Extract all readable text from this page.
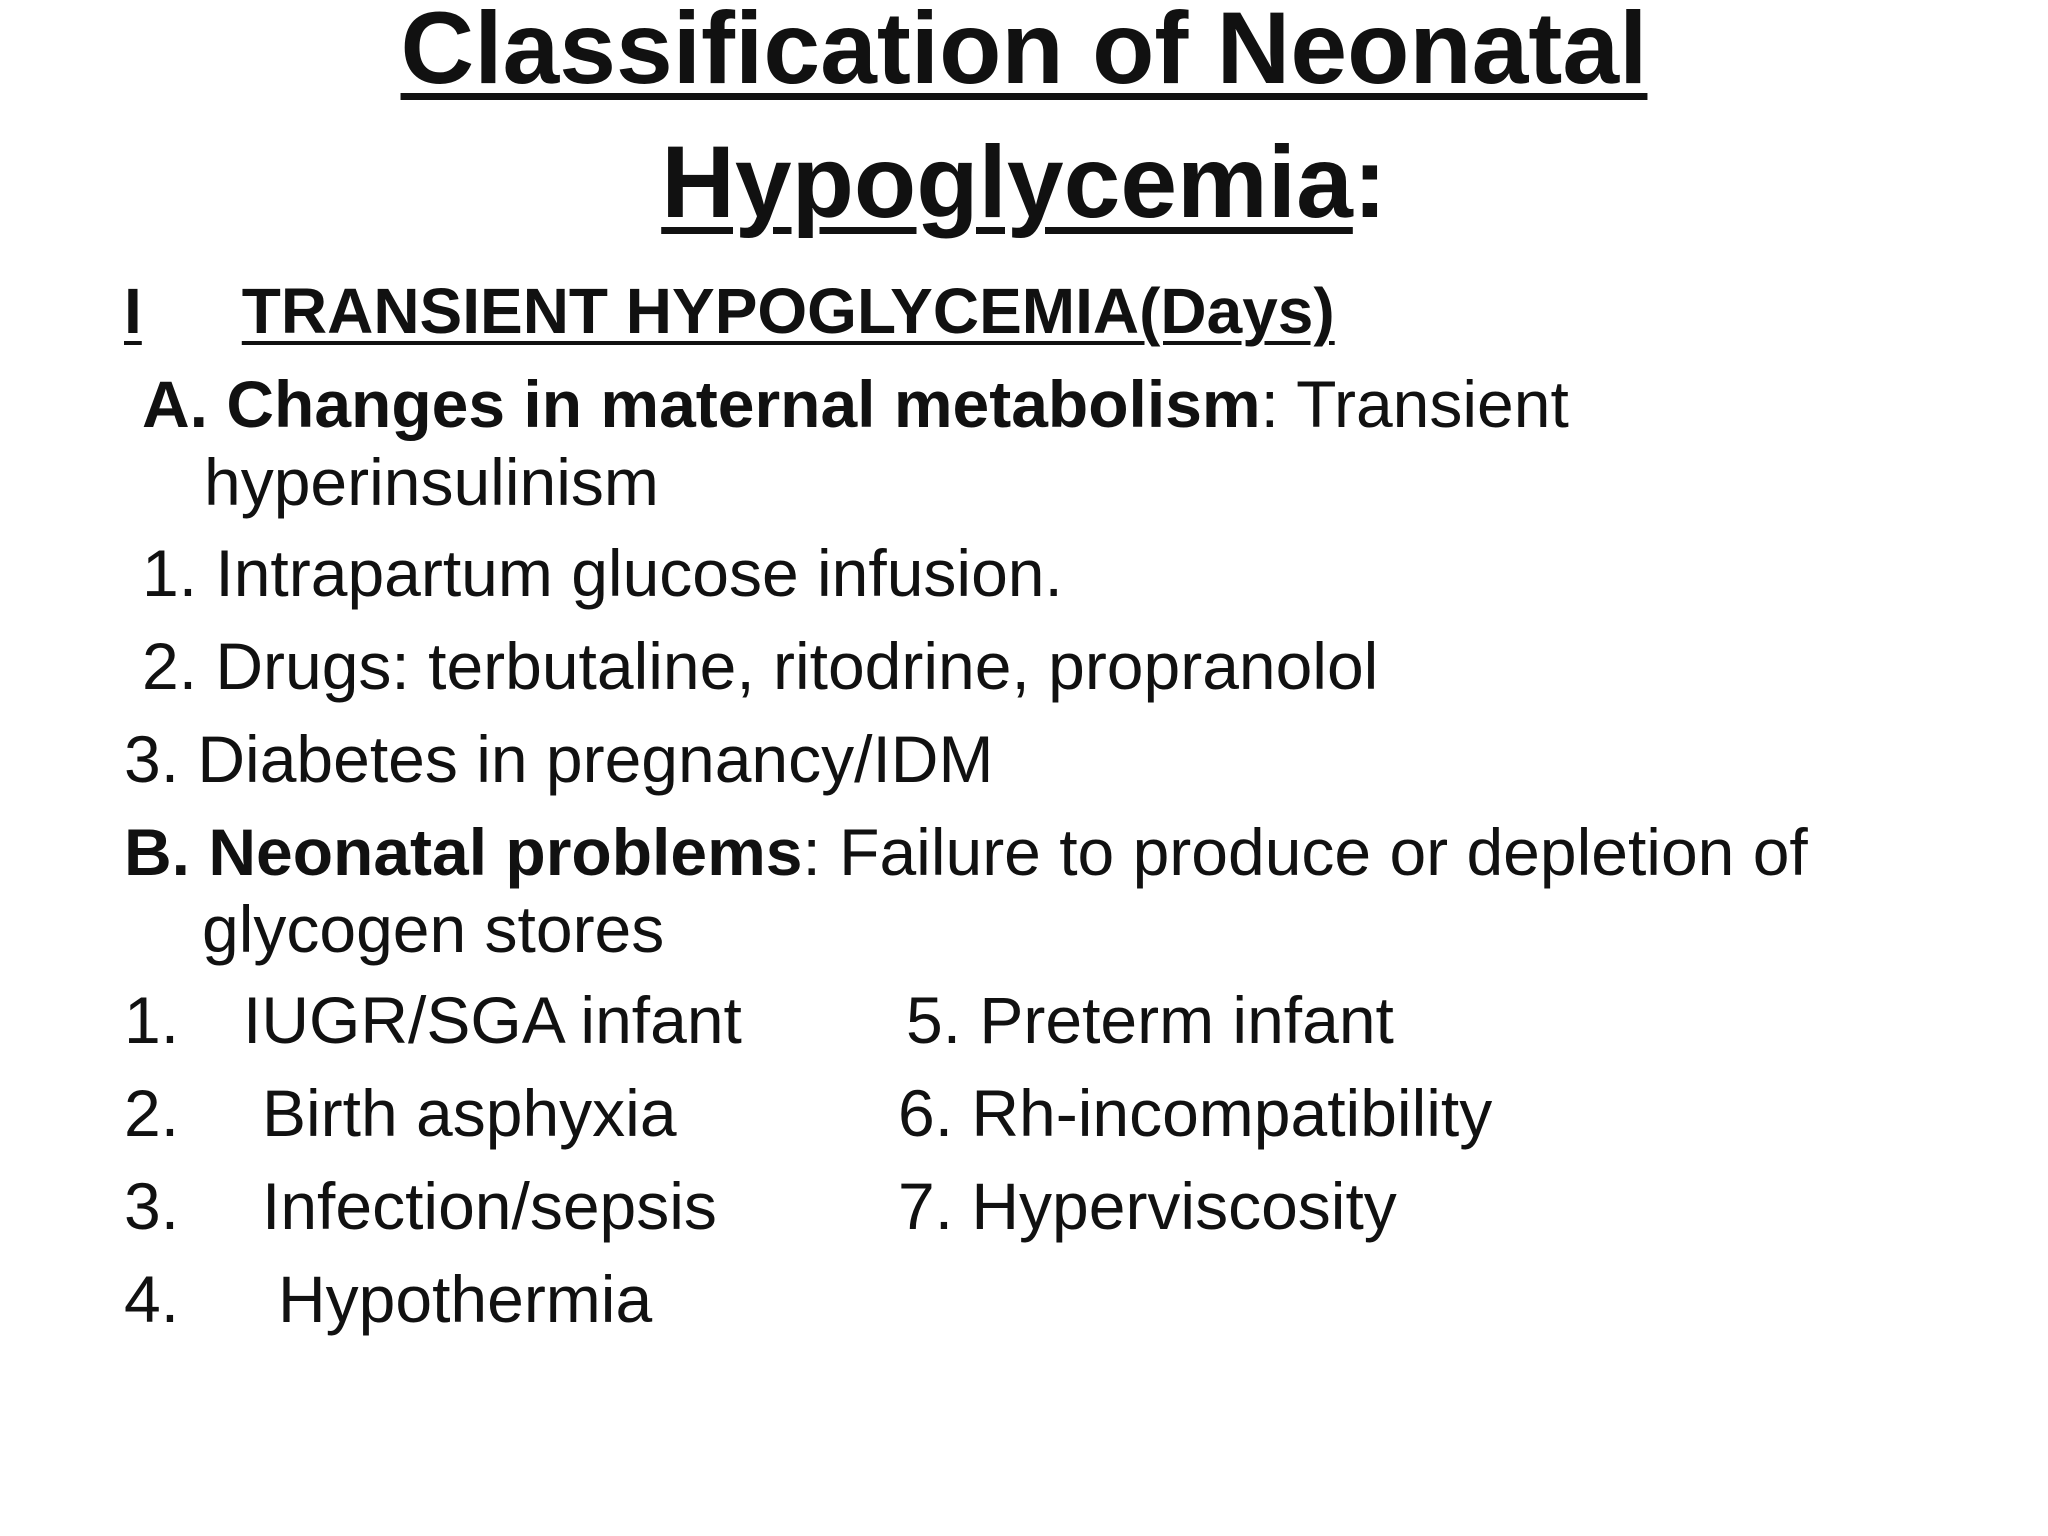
Classification of Neonatal
Hypoglycemia:
I TRANSIENT HYPOGLYCEMIA(Days)
A. Changes in maternal metabolism: Transient
hyperinsulinism
1. Intrapartum glucose infusion.
2. Drugs: terbutaline, ritodrine, propranolol
3. Diabetes in pregnancy/IDM
B. Neonatal problems: Failure to produce or depletion of
glycogen stores
1. IUGR/SGA infant
2. Birth asphyxia
3. Infection/sepsis
4. Hypothermia
5. Preterm infant
6. Rh-incompatibility
7. Hyperviscosity
